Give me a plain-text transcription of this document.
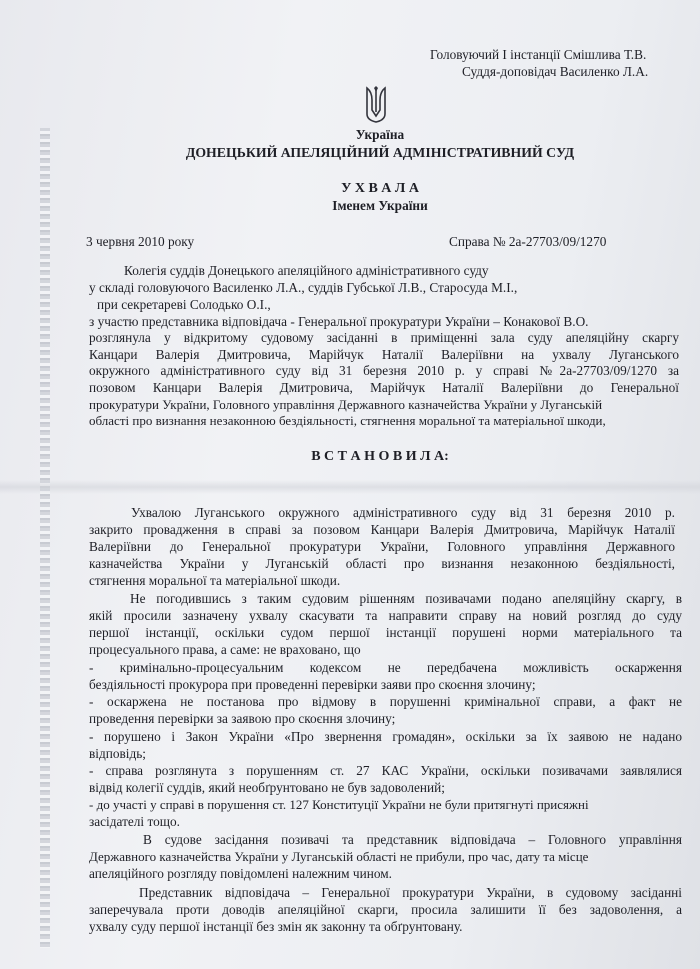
Головуючий І інстанції Смішлива Т.В.
Суддя-доповідач Василенко Л.А.
Україна
ДОНЕЦЬКИЙ АПЕЛЯЦІЙНИЙ АДМІНІСТРАТИВНИЙ СУД
У Х В А Л А
Іменем України
3 червня 2010 року	Справа № 2а-27703/09/1270
Колегія суддів Донецького апеляційного адміністративного суду
у складі головуючого Василенко Л.А., суддів Губської Л.В., Старосуда М.І.,
при секретареві Солодько О.І.,
з участю представника відповідача - Генеральної прокуратури України – Конакової В.О.
розглянула у відкритому судовому засіданні в приміщенні зала суду апеляційну скаргу
Канцари Валерія Дмитровича, Марійчук Наталії Валеріївни на ухвалу Луганського
окружного адміністративного суду від 31 березня 2010 р. у справі №2а-27703/09/1270 за
позовом Канцари Валерія Дмитровича, Марійчук Наталії Валеріївни до Генеральної
прокуратури України, Головного управління Державного казначейства України у Луганській
області про визнання незаконною бездіяльності, стягнення моральної та матеріальної шкоди,
В С Т А Н О В И Л А:
Ухвалою Луганського окружного адміністративного суду від 31 березня 2010 р.
закрито провадження в справі за позовом Канцари Валерія Дмитровича, Марійчук Наталії
Валеріївни до Генеральної прокуратури України, Головного управління Державного
казначейства України у Луганській області про визнання незаконною бездіяльності,
стягнення моральної та матеріальної шкоди.
Не погодившись з таким судовим рішенням позивачами подано апеляційну скаргу, в
якій просили зазначену ухвалу скасувати та направити справу на новий розгляд до суду
першої інстанції, оскільки судом першої інстанції порушені норми матеріального та
процесуального права, а саме: не враховано, що
- кримінально-процесуальним кодексом не передбачена можливість оскарження
бездіяльності прокурора при проведенні перевірки заяви про скоєння злочину;
- оскаржена не постанова про відмову в порушенні кримінальної справи, а факт не
проведення перевірки за заявою про скоєння злочину;
- порушено і Закон України «Про звернення громадян», оскільки за їх заявою не надано
відповідь;
- справа розглянута з порушенням ст. 27 КАС України, оскільки позивачами заявлялися
відвід колегії суддів, який необґрунтовано не був задоволений;
- до участі у справі в порушення ст. 127 Конституції України не були притягнуті присяжні
засідателі тощо.
В судове засідання позивачі та представник відповідача – Головного управління
Державного казначейства України у Луганській області не прибули, про час, дату та місце
апеляційного розгляду повідомлені належним чином.
Представник відповідача – Генеральної прокуратури України, в судовому засіданні
заперечувала проти доводів апеляційної скарги, просила залишити її без задоволення, а
ухвалу суду першої інстанції без змін як законну та обґрунтовану.
